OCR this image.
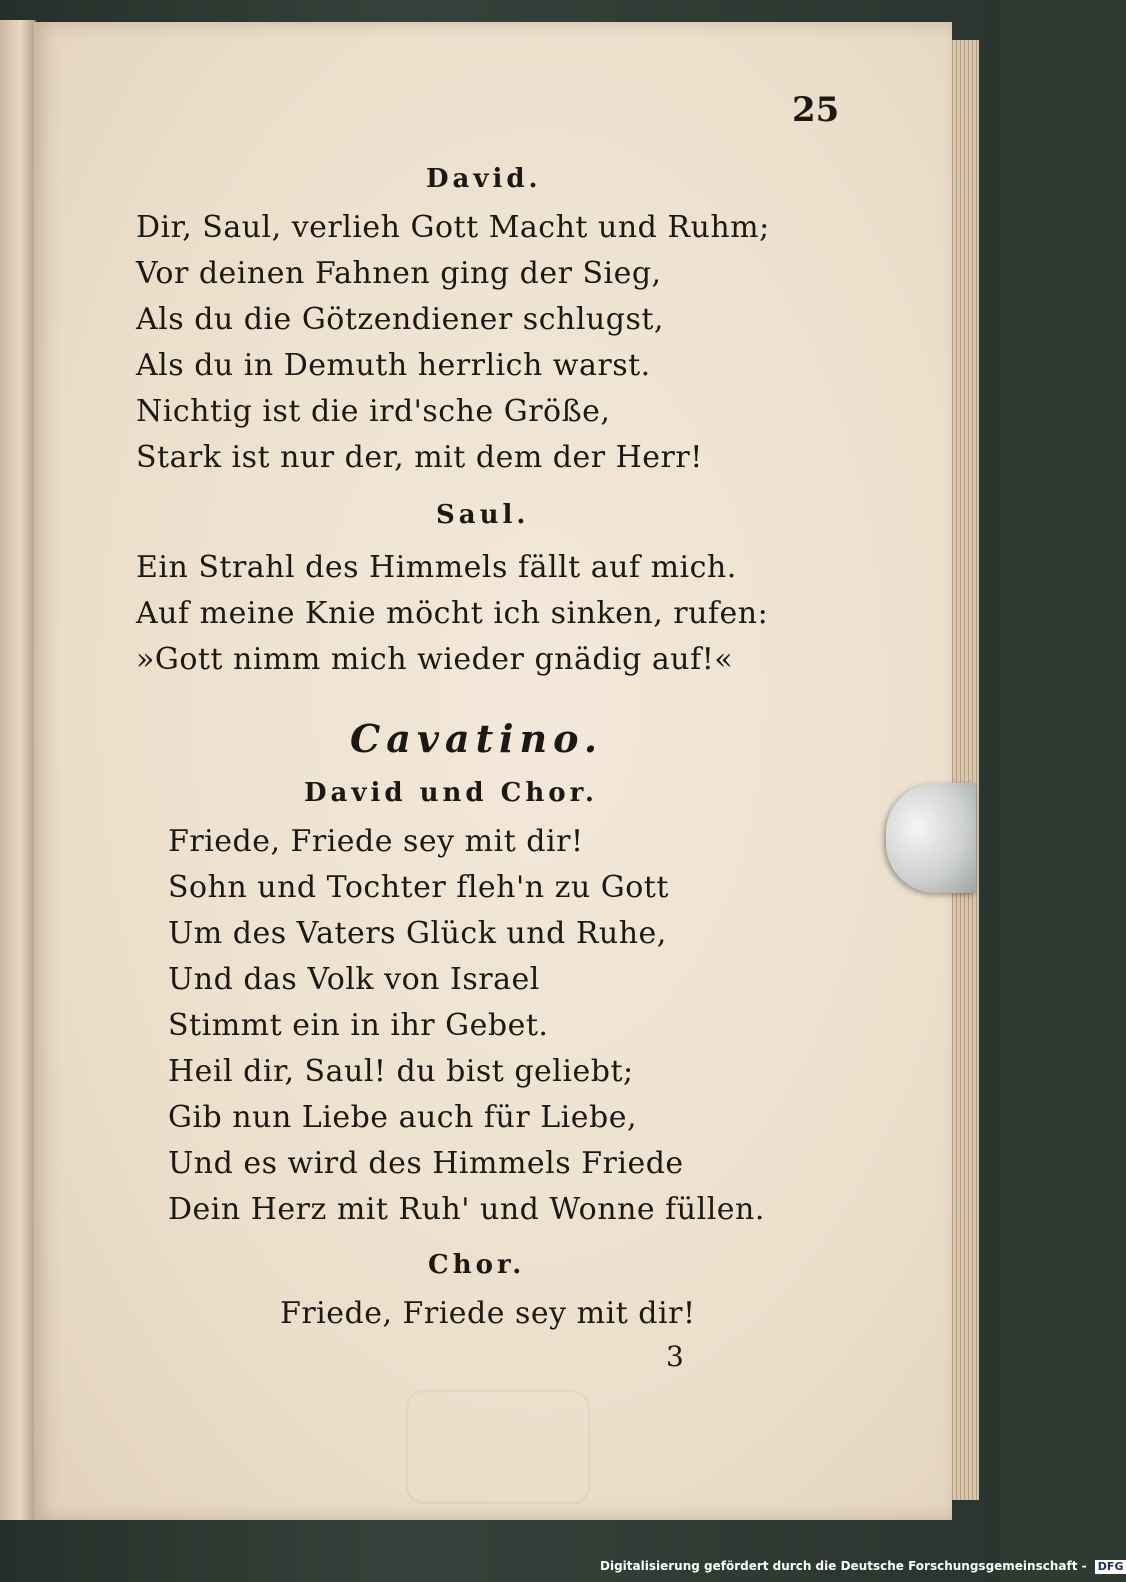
25
David.
Dir, Saul, verlieh Gott Macht und Ruhm;
Vor deinen Fahnen ging der Sieg,
Als du die Götzendiener schlugst,
Als du in Demuth herrlich warst.
Nichtig ist die ird'sche Größe,
Stark ist nur der, mit dem der Herr!
Saul.
Ein Strahl des Himmels fällt auf mich.
Auf meine Knie möcht ich sinken, rufen:
»Gott nimm mich wieder gnädig auf!«
Cavatino.
David und Chor.
Friede, Friede sey mit dir!
Sohn und Tochter fleh'n zu Gott
Um des Vaters Glück und Ruhe,
Und das Volk von Israel
Stimmt ein in ihr Gebet.
Heil dir, Saul! du bist geliebt;
Gib nun Liebe auch für Liebe,
Und es wird des Himmels Friede
Dein Herz mit Ruh' und Wonne füllen.
Chor.
Friede, Friede sey mit dir!
3
Digitalisierung gefördert durch die Deutsche Forschungsgemeinschaft - DFG
